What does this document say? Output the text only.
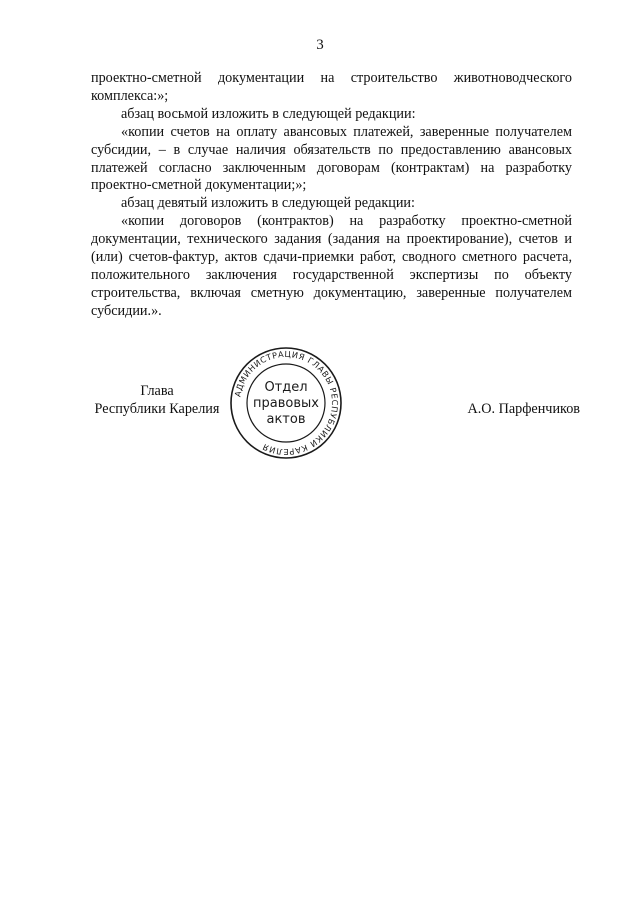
3

проектно-сметной документации на строительство животноводческого комплекса:»;

абзац восьмой изложить в следующей редакции:

«копии счетов на оплату авансовых платежей, заверенные получателем субсидии, – в случае наличия обязательств по предоставлению авансовых платежей согласно заключенным договорам (контрактам) на разработку проектно-сметной документации;»;

абзац девятый изложить в следующей редакции:

«копии договоров (контрактов) на разработку проектно-сметной документации, технического задания (задания на проектирование), счетов и (или) счетов-фактур, актов сдачи-приемки работ, сводного сметного расчета, положительного заключения государственной экспертизы по объекту строительства, включая сметную документацию, заверенные получателем субсидии.».

Глава
Республики Карелия	А.О. Парфенчиков
АДМИНИСТРАЦИЯ ГЛАВЫ РЕСПУБЛИКИ КАРЕЛИЯ
Отдел
правовых
актов
